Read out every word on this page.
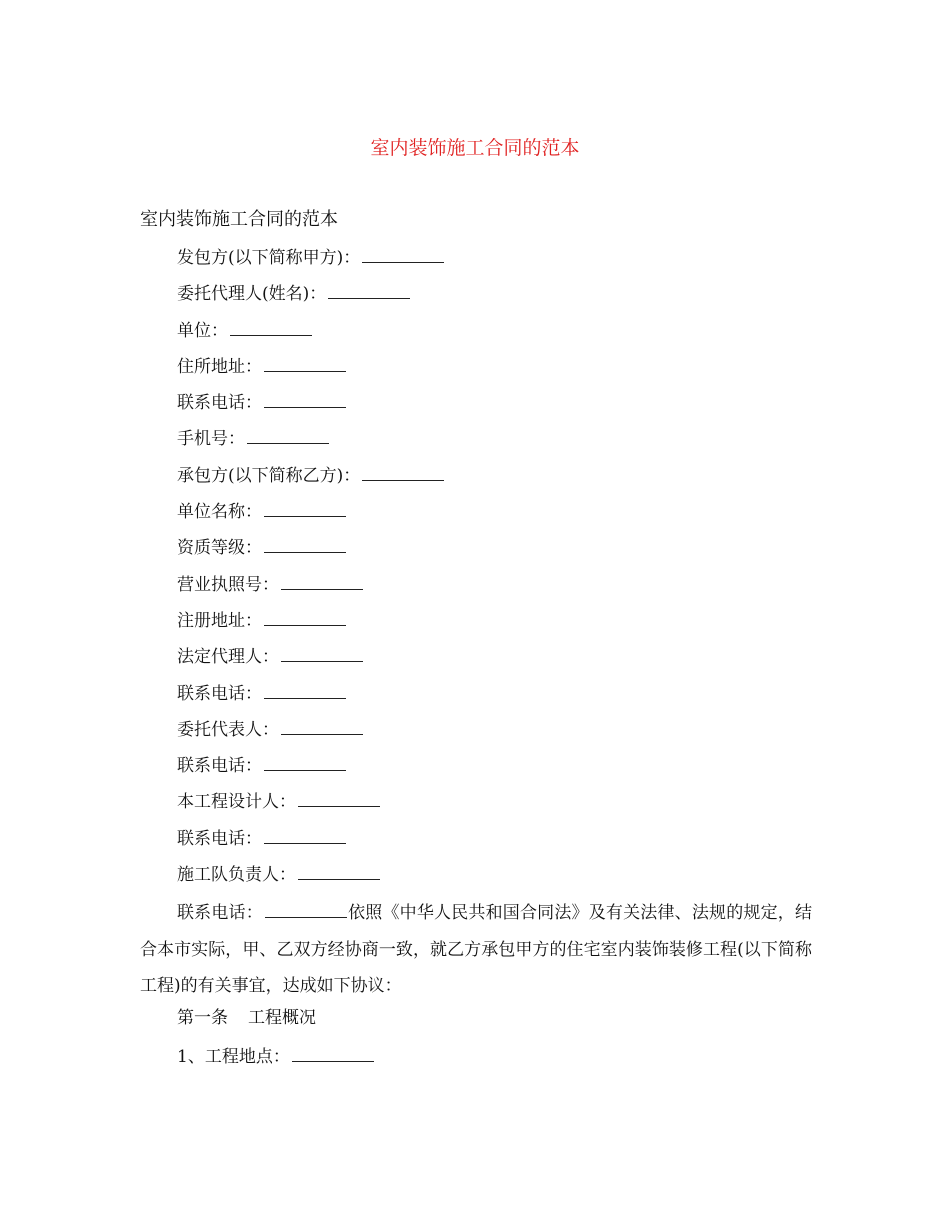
室内装饰施工合同的范本

室内装饰施工合同的范本

发包方(以下简称甲方)：

委托代理人(姓名)：

单位：

住所地址：

联系电话：

手机号：

承包方(以下简称乙方)：

单位名称：

资质等级：

营业执照号：

注册地址：

法定代理人：

联系电话：

委托代表人：

联系电话：

本工程设计人：

联系电话：

施工队负责人：

联系电话：	依照《中华人民共和国合同法》及有关法律、法规的规定，结合本市实际，甲、乙双方经协商一致，就乙方承包甲方的住宅室内装饰装修工程(以下简称工程)的有关事宜，达成如下协议：

第一条 工程概况

1、工程地点：
